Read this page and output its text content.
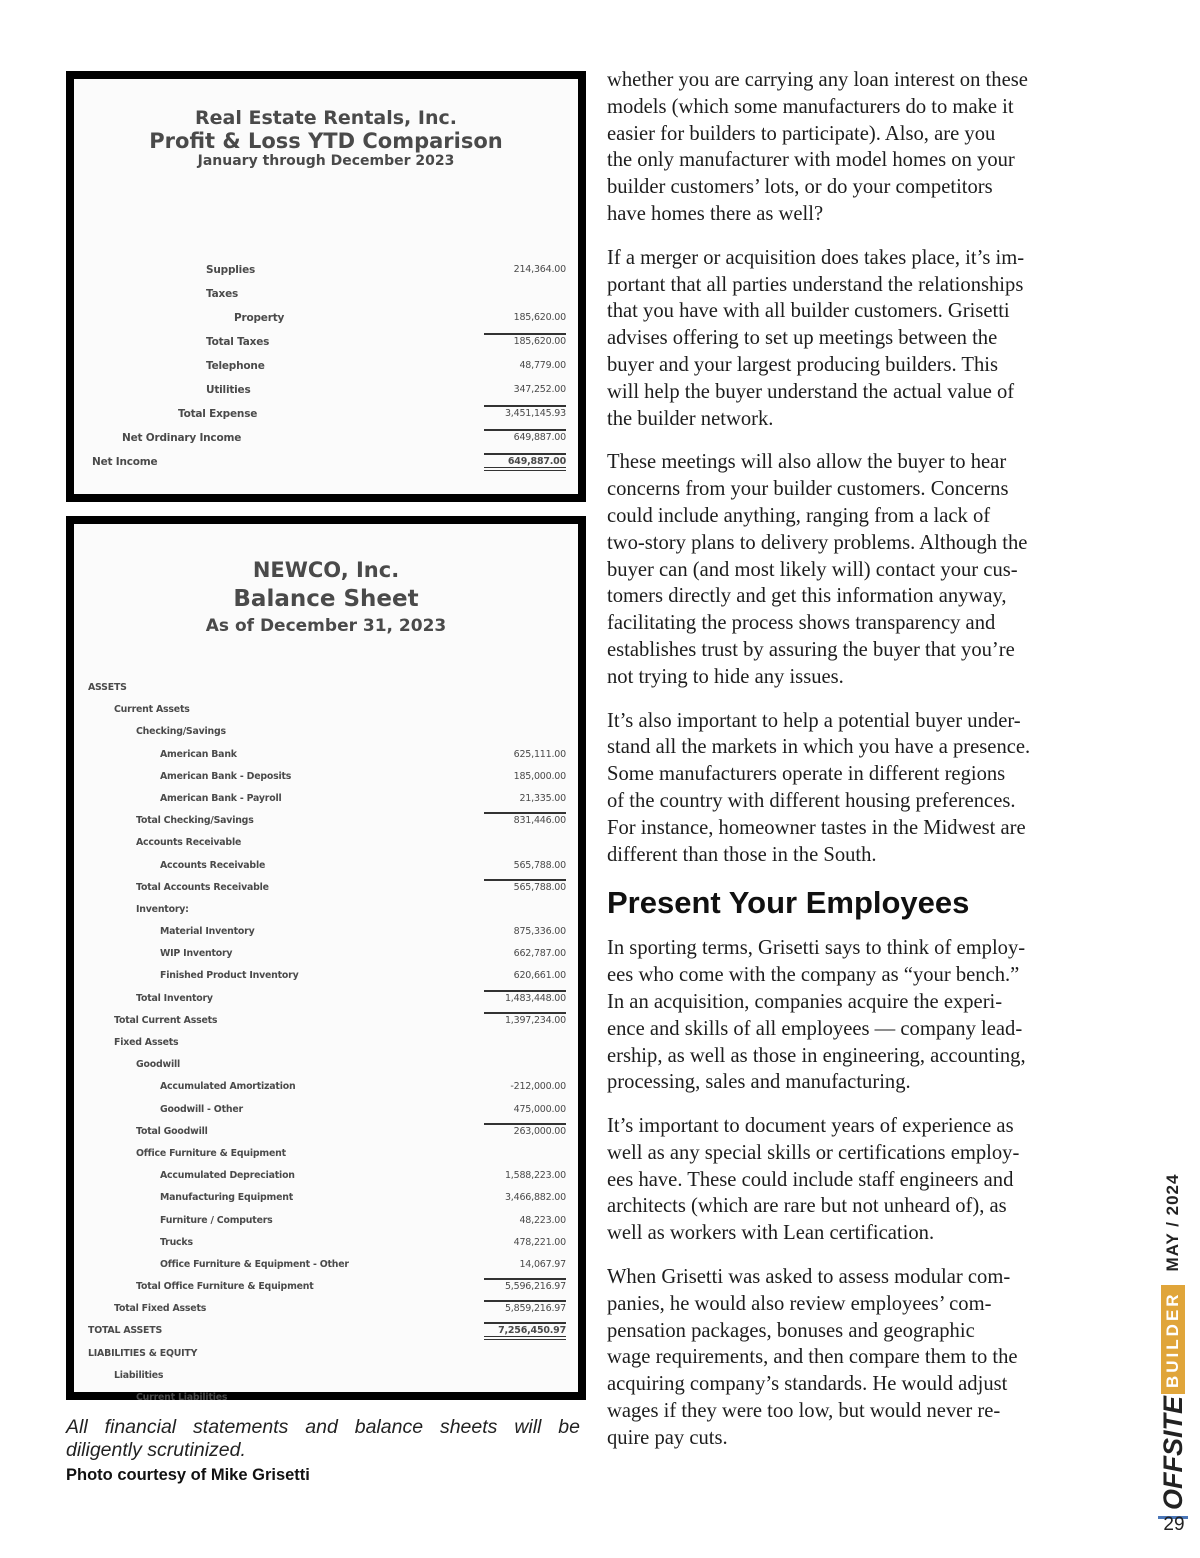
Real Estate Rentals, Inc.
Profit & Loss YTD Comparison
January through December 2023
Supplies	214,364.00
Taxes
Property	185,620.00
Total Taxes	185,620.00
Telephone	48,779.00
Utilities	347,252.00
Total Expense	3,451,145.93
Net Ordinary Income	649,887.00
Net Income	649,887.00
NEWCO, Inc.
Balance Sheet
As of December 31, 2023
ASSETS
Current Assets
Checking/Savings
American Bank	625,111.00
American Bank - Deposits	185,000.00
American Bank - Payroll	21,335.00
Total Checking/Savings	831,446.00
Accounts Receivable
Accounts Receivable	565,788.00
Total Accounts Receivable	565,788.00
Inventory:
Material Inventory	875,336.00
WIP Inventory	662,787.00
Finished Product Inventory	620,661.00
Total Inventory	1,483,448.00
Total Current Assets	1,397,234.00
Fixed Assets
Goodwill
Accumulated Amortization	-212,000.00
Goodwill - Other	475,000.00
Total Goodwill	263,000.00
Office Furniture & Equipment
Accumulated Depreciation	1,588,223.00
Manufacturing Equipment	3,466,882.00
Furniture / Computers	48,223.00
Trucks	478,221.00
Office Furniture & Equipment - Other	14,067.97
Total Office Furniture & Equipment	5,596,216.97
Total Fixed Assets	5,859,216.97
TOTAL ASSETS	7,256,450.97
LIABILITIES & EQUITY
Liabilities
Current Liabilities
All financial statements and balance sheets will be diligently scrutinized.
Photo courtesy of Mike Grisetti

whether you are carrying any loan interest on these
models (which some manufacturers do to make it
easier for builders to participate). Also, are you
the only manufacturer with model homes on your
builder customers’ lots, or do your competitors
have homes there as well?

If a merger or acquisition does takes place, it’s im-
portant that all parties understand the relationships
that you have with all builder customers. Grisetti
advises offering to set up meetings between the
buyer and your largest producing builders. This
will help the buyer understand the actual value of
the builder network.

These meetings will also allow the buyer to hear
concerns from your builder customers. Concerns
could include anything, ranging from a lack of
two-story plans to delivery problems. Although the
buyer can (and most likely will) contact your cus-
tomers directly and get this information anyway,
facilitating the process shows transparency and
establishes trust by assuring the buyer that you’re
not trying to hide any issues.

It’s also important to help a potential buyer under-
stand all the markets in which you have a presence.
Some manufacturers operate in different regions
of the country with different housing preferences.
For instance, homeowner tastes in the Midwest are
different than those in the South.

Present Your Employees

In sporting terms, Grisetti says to think of employ-
ees who come with the company as “your bench.”
In an acquisition, companies acquire the experi-
ence and skills of all employees — company lead-
ership, as well as those in engineering, accounting,
processing, sales and manufacturing.

It’s important to document years of experience as
well as any special skills or certifications employ-
ees have. These could include staff engineers and
architects (which are rare but not unheard of), as
well as workers with Lean certification.

When Grisetti was asked to assess modular com-
panies, he would also review employees’ com-
pensation packages, bonuses and geographic
wage requirements, and then compare them to the
acquiring company’s standards. He would adjust
wages if they were too low, but would never re-
quire pay cuts.	OFFSITE
BUILDER
MAY / 2024
29
